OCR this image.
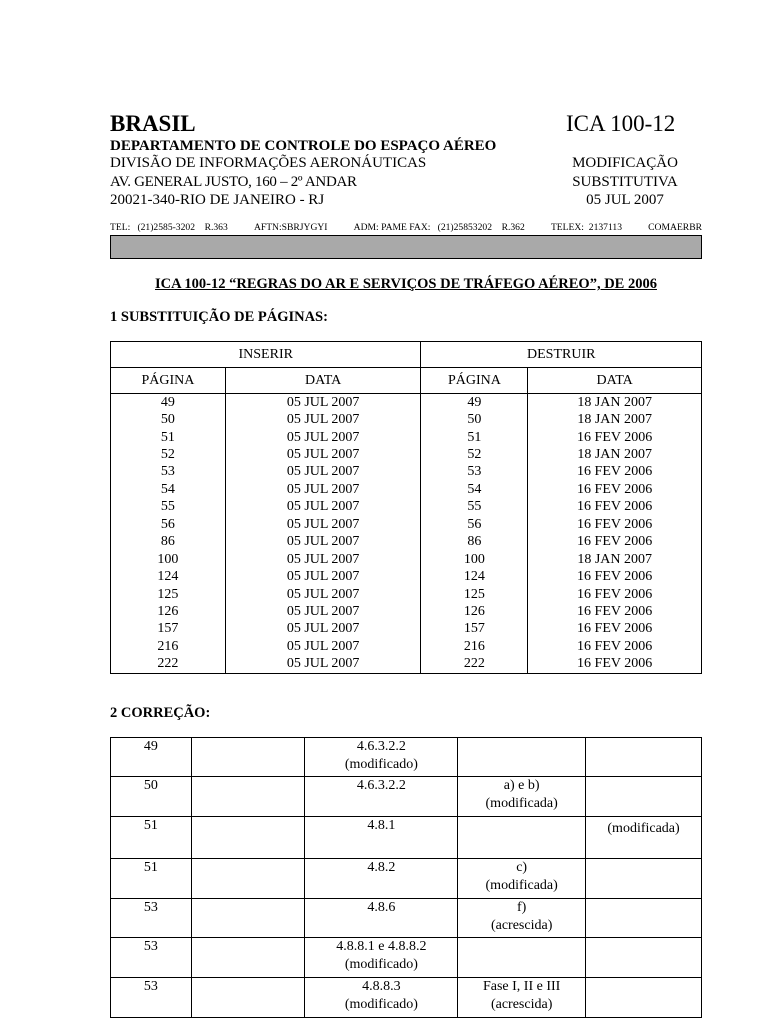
BRASIL	ICA 100-12
DEPARTAMENTO DE CONTROLE DO ESPAÇO AÉREO
DIVISÃO DE INFORMAÇÕES AERONÁUTICAS
AV. GENERAL JUSTO, 160 – 2º ANDAR
20021-340-RIO DE JANEIRO - RJ
MODIFICAÇÃO
SUBSTITUTIVA
05 JUL 2007
TEL:   (21)2585-3202    R.363	AFTN:SBRJYGYI	ADM: PAME FAX:   (21)25853202    R.362	TELEX:  2137113	COMAERBR
ICA 100-12 “REGRAS DO AR E SERVIÇOS DE TRÁFEGO AÉREO”, DE 2006
1 SUBSTITUIÇÃO DE PÁGINAS:
INSERIR		DESTRUIR	
PÁGINA	DATA	PÁGINA	DATA
49	05 JUL 2007	49	18 JAN 2007
50	05 JUL 2007	50	18 JAN 2007
51	05 JUL 2007	51	16 FEV 2006
52	05 JUL 2007	52	18 JAN 2007
53	05 JUL 2007	53	16 FEV 2006
54	05 JUL 2007	54	16 FEV 2006
55	05 JUL 2007	55	16 FEV 2006
56	05 JUL 2007	56	16 FEV 2006
86	05 JUL 2007	86	16 FEV 2006
100	05 JUL 2007	100	18 JAN 2007
124	05 JUL 2007	124	16 FEV 2006
125	05 JUL 2007	125	16 FEV 2006
126	05 JUL 2007	126	16 FEV 2006
157	05 JUL 2007	157	16 FEV 2006
216	05 JUL 2007	216	16 FEV 2006
222	05 JUL 2007	222	16 FEV 2006
2 CORREÇÃO:
49		4.6.3.2.2
(modificado)		
50		4.6.3.2.2	a) e b)
(modificada)	
51		4.8.1		(modificada)
51		4.8.2	c)
(modificada)	
53		4.8.6	f)
(acrescida)	
53		4.8.8.1 e 4.8.8.2
(modificado)		
53		4.8.8.3
(modificado)	Fase I, II e III
(acrescida)	
